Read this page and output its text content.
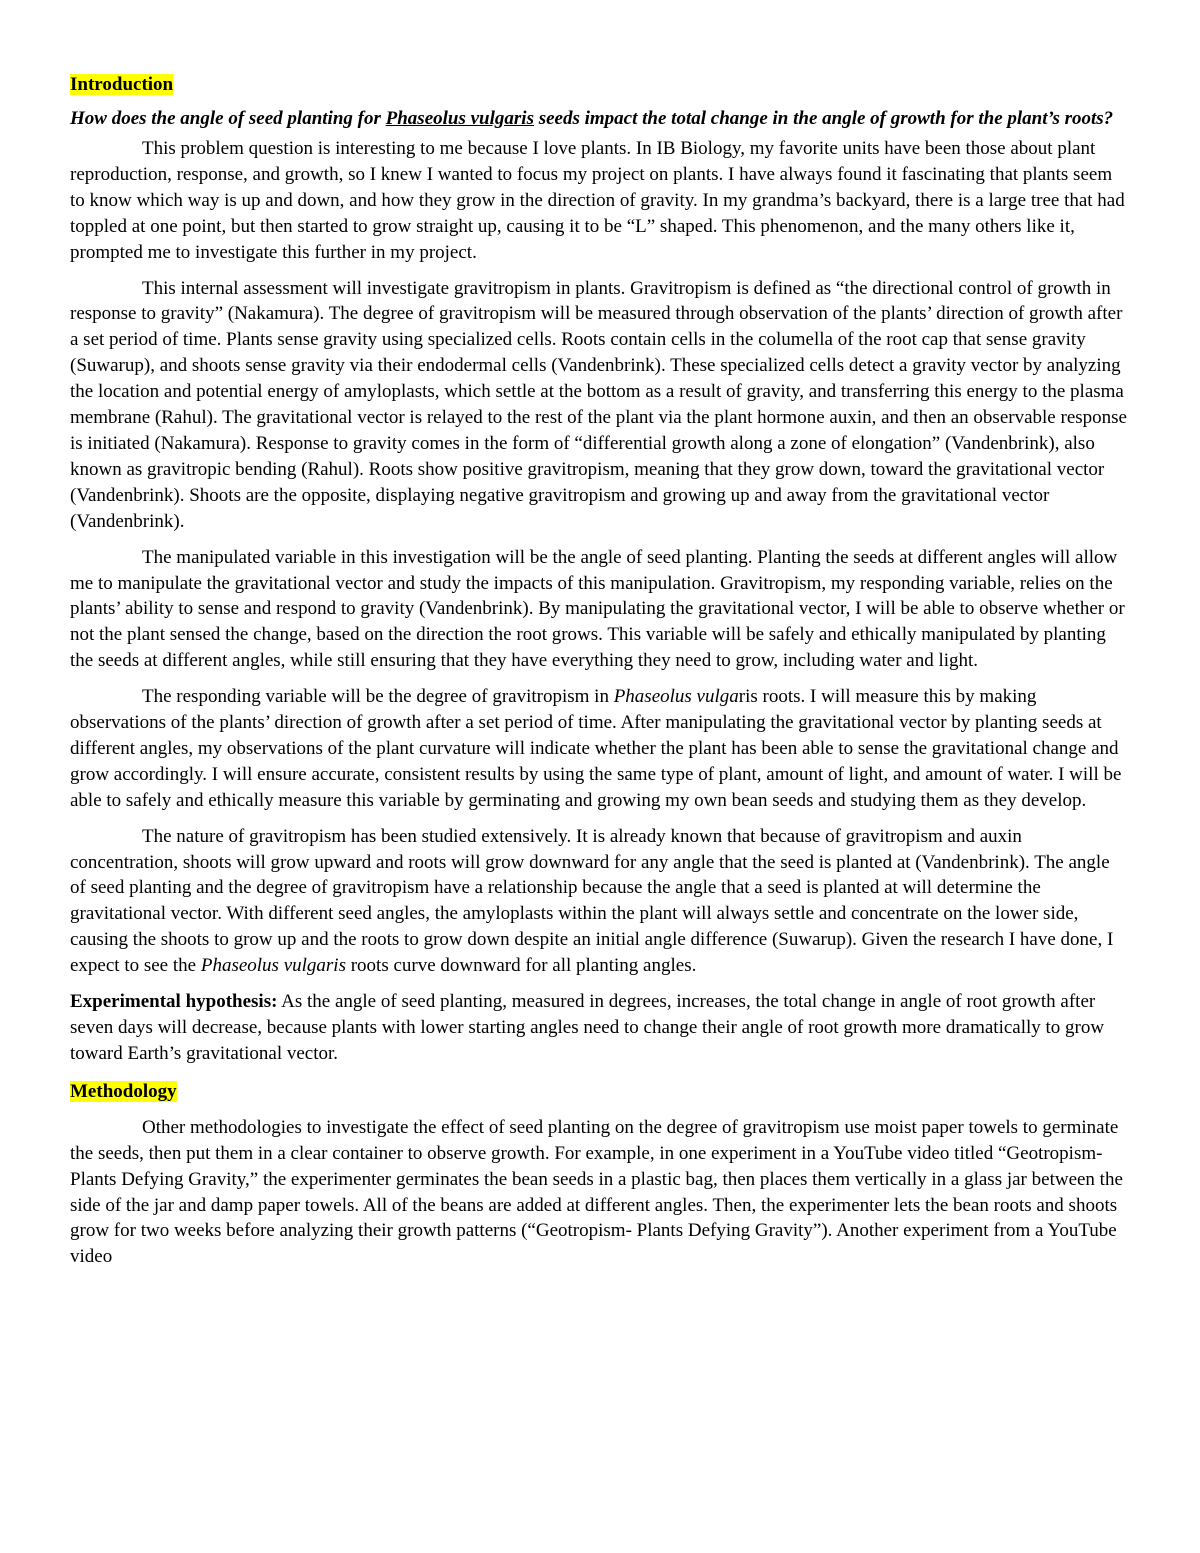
Introduction
How does the angle of seed planting for Phaseolus vulgaris seeds impact the total change in the angle of growth for the plant’s roots?

This problem question is interesting to me because I love plants. In IB Biology, my favorite units have been those about plant reproduction, response, and growth, so I knew I wanted to focus my project on plants. I have always found it fascinating that plants seem to know which way is up and down, and how they grow in the direction of gravity. In my grandma’s backyard, there is a large tree that had toppled at one point, but then started to grow straight up, causing it to be “L” shaped. This phenomenon, and the many others like it, prompted me to investigate this further in my project.

This internal assessment will investigate gravitropism in plants. Gravitropism is defined as “the directional control of growth in response to gravity” (Nakamura). The degree of gravitropism will be measured through observation of the plants’ direction of growth after a set period of time. Plants sense gravity using specialized cells. Roots contain cells in the columella of the root cap that sense gravity (Suwarup), and shoots sense gravity via their endodermal cells (Vandenbrink). These specialized cells detect a gravity vector by analyzing the location and potential energy of amyloplasts, which settle at the bottom as a result of gravity, and transferring this energy to the plasma membrane (Rahul). The gravitational vector is relayed to the rest of the plant via the plant hormone auxin, and then an observable response is initiated (Nakamura). Response to gravity comes in the form of “differential growth along a zone of elongation” (Vandenbrink), also known as gravitropic bending (Rahul). Roots show positive gravitropism, meaning that they grow down, toward the gravitational vector (Vandenbrink). Shoots are the opposite, displaying negative gravitropism and growing up and away from the gravitational vector (Vandenbrink).

The manipulated variable in this investigation will be the angle of seed planting. Planting the seeds at different angles will allow me to manipulate the gravitational vector and study the impacts of this manipulation. Gravitropism, my responding variable, relies on the plants’ ability to sense and respond to gravity (Vandenbrink). By manipulating the gravitational vector, I will be able to observe whether or not the plant sensed the change, based on the direction the root grows. This variable will be safely and ethically manipulated by planting the seeds at different angles, while still ensuring that they have everything they need to grow, including water and light.

The responding variable will be the degree of gravitropism in Phaseolus vulgaris roots. I will measure this by making observations of the plants’ direction of growth after a set period of time. After manipulating the gravitational vector by planting seeds at different angles, my observations of the plant curvature will indicate whether the plant has been able to sense the gravitational change and grow accordingly. I will ensure accurate, consistent results by using the same type of plant, amount of light, and amount of water. I will be able to safely and ethically measure this variable by germinating and growing my own bean seeds and studying them as they develop.

The nature of gravitropism has been studied extensively. It is already known that because of gravitropism and auxin concentration, shoots will grow upward and roots will grow downward for any angle that the seed is planted at (Vandenbrink). The angle of seed planting and the degree of gravitropism have a relationship because the angle that a seed is planted at will determine the gravitational vector. With different seed angles, the amyloplasts within the plant will always settle and concentrate on the lower side, causing the shoots to grow up and the roots to grow down despite an initial angle difference (Suwarup). Given the research I have done, I expect to see the Phaseolus vulgaris roots curve downward for all planting angles.

Experimental hypothesis: As the angle of seed planting, measured in degrees, increases, the total change in angle of root growth after seven days will decrease, because plants with lower starting angles need to change their angle of root growth more dramatically to grow toward Earth’s gravitational vector.

Methodology

Other methodologies to investigate the effect of seed planting on the degree of gravitropism use moist paper towels to germinate the seeds, then put them in a clear container to observe growth. For example, in one experiment in a YouTube video titled “Geotropism- Plants Defying Gravity,” the experimenter germinates the bean seeds in a plastic bag, then places them vertically in a glass jar between the side of the jar and damp paper towels. All of the beans are added at different angles. Then, the experimenter lets the bean roots and shoots grow for two weeks before analyzing their growth patterns (“Geotropism- Plants Defying Gravity”). Another experiment from a YouTube video
